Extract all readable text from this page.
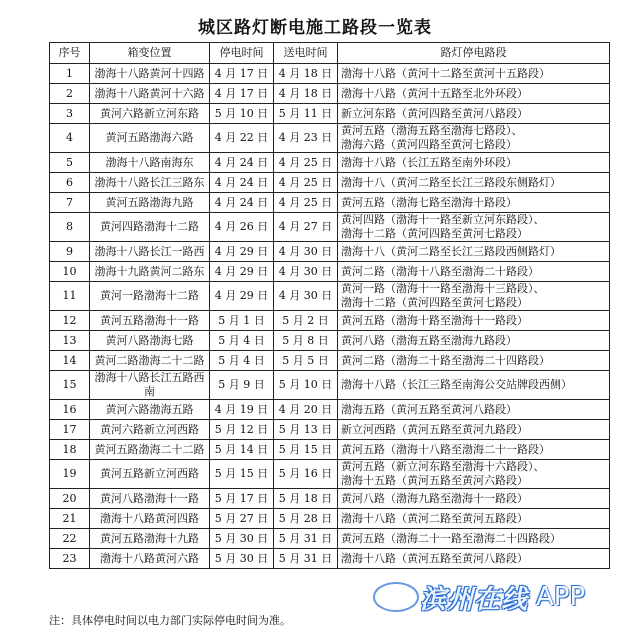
城区路灯断电施工路段一览表
序号	箱变位置	停电时间	送电时间	路灯停电路段
1	渤海十八路黄河十四路	4 月 17 日	4 月 18 日	渤海十八路（黄河十二路至黄河十五路段）
2	渤海十八路黄河十六路	4 月 17 日	4 月 18 日	渤海十八路（黄河十五路至北外环段）
3	黄河六路新立河东路	5 月 10 日	5 月 11 日	新立河东路（黄河四路至黄河八路段）
4	黄河五路渤海六路	4 月 22 日	4 月 23 日	黄河五路（渤海五路至渤海七路段）、
渤海六路（黄河四路至黄河七路段）
5	渤海十八路南海东	4 月 24 日	4 月 25 日	渤海十八路（长江五路至南外环段）
6	渤海十八路长江三路东	4 月 24 日	4 月 25 日	渤海十八（黄河二路至长江三路段东侧路灯）
7	黄河五路渤海九路	4 月 24 日	4 月 25 日	黄河五路（渤海七路至渤海十路段）
8	黄河四路渤海十二路	4 月 26 日	4 月 27 日	黄河四路（渤海十一路至新立河东路段）、
渤海十二路（黄河四路至黄河七路段）
9	渤海十八路长江一路西	4 月 29 日	4 月 30 日	渤海十八（黄河二路至长江三路段西侧路灯）
10	渤海十九路黄河二路东	4 月 29 日	4 月 30 日	黄河二路（渤海十八路至渤海二十路段）
11	黄河一路渤海十二路	4 月 29 日	4 月 30 日	黄河一路（渤海十一路至渤海十三路段）、
渤海十二路（黄河四路至黄河七路段）
12	黄河五路渤海十一路	5 月 1 日	5 月 2 日	黄河五路（渤海十路至渤海十一路段）
13	黄河八路渤海七路	5 月 4 日	5 月 8 日	黄河八路（渤海五路至渤海九路段）
14	黄河二路渤海二十二路	5 月 4 日	5 月 5 日	黄河二路（渤海二十路至渤海二十四路段）
15	渤海十八路长江五路西
南	5 月 9 日	5 月 10 日	渤海十八路（长江三路至南海公交站牌段西侧）
16	黄河六路渤海五路	4 月 19 日	4 月 20 日	渤海五路（黄河五路至黄河八路段）
17	黄河六路新立河西路	5 月 12 日	5 月 13 日	新立河西路（黄河五路至黄河九路段）
18	黄河五路渤海二十二路	5 月 14 日	5 月 15 日	黄河五路（渤海十八路至渤海二十一路段）
19	黄河五路新立河西路	5 月 15 日	5 月 16 日	黄河五路（新立河东路至渤海十六路段）、
渤海十五路（黄河五路至黄河六路段）
20	黄河八路渤海十一路	5 月 17 日	5 月 18 日	黄河八路（渤海九路至渤海十一路段）
21	渤海十八路黄河四路	5 月 27 日	5 月 28 日	渤海十八路（黄河二路至黄河五路段）
22	黄河五路渤海十九路	5 月 30 日	5 月 31 日	黄河五路（渤海二十一路至渤海二十四路段）
23	渤海十八路黄河六路	5 月 30 日	5 月 31 日	渤海十八路（黄河五路至黄河八路段）
注：具体停电时间以电力部门实际停电时间为准。
滨州在线 APP
